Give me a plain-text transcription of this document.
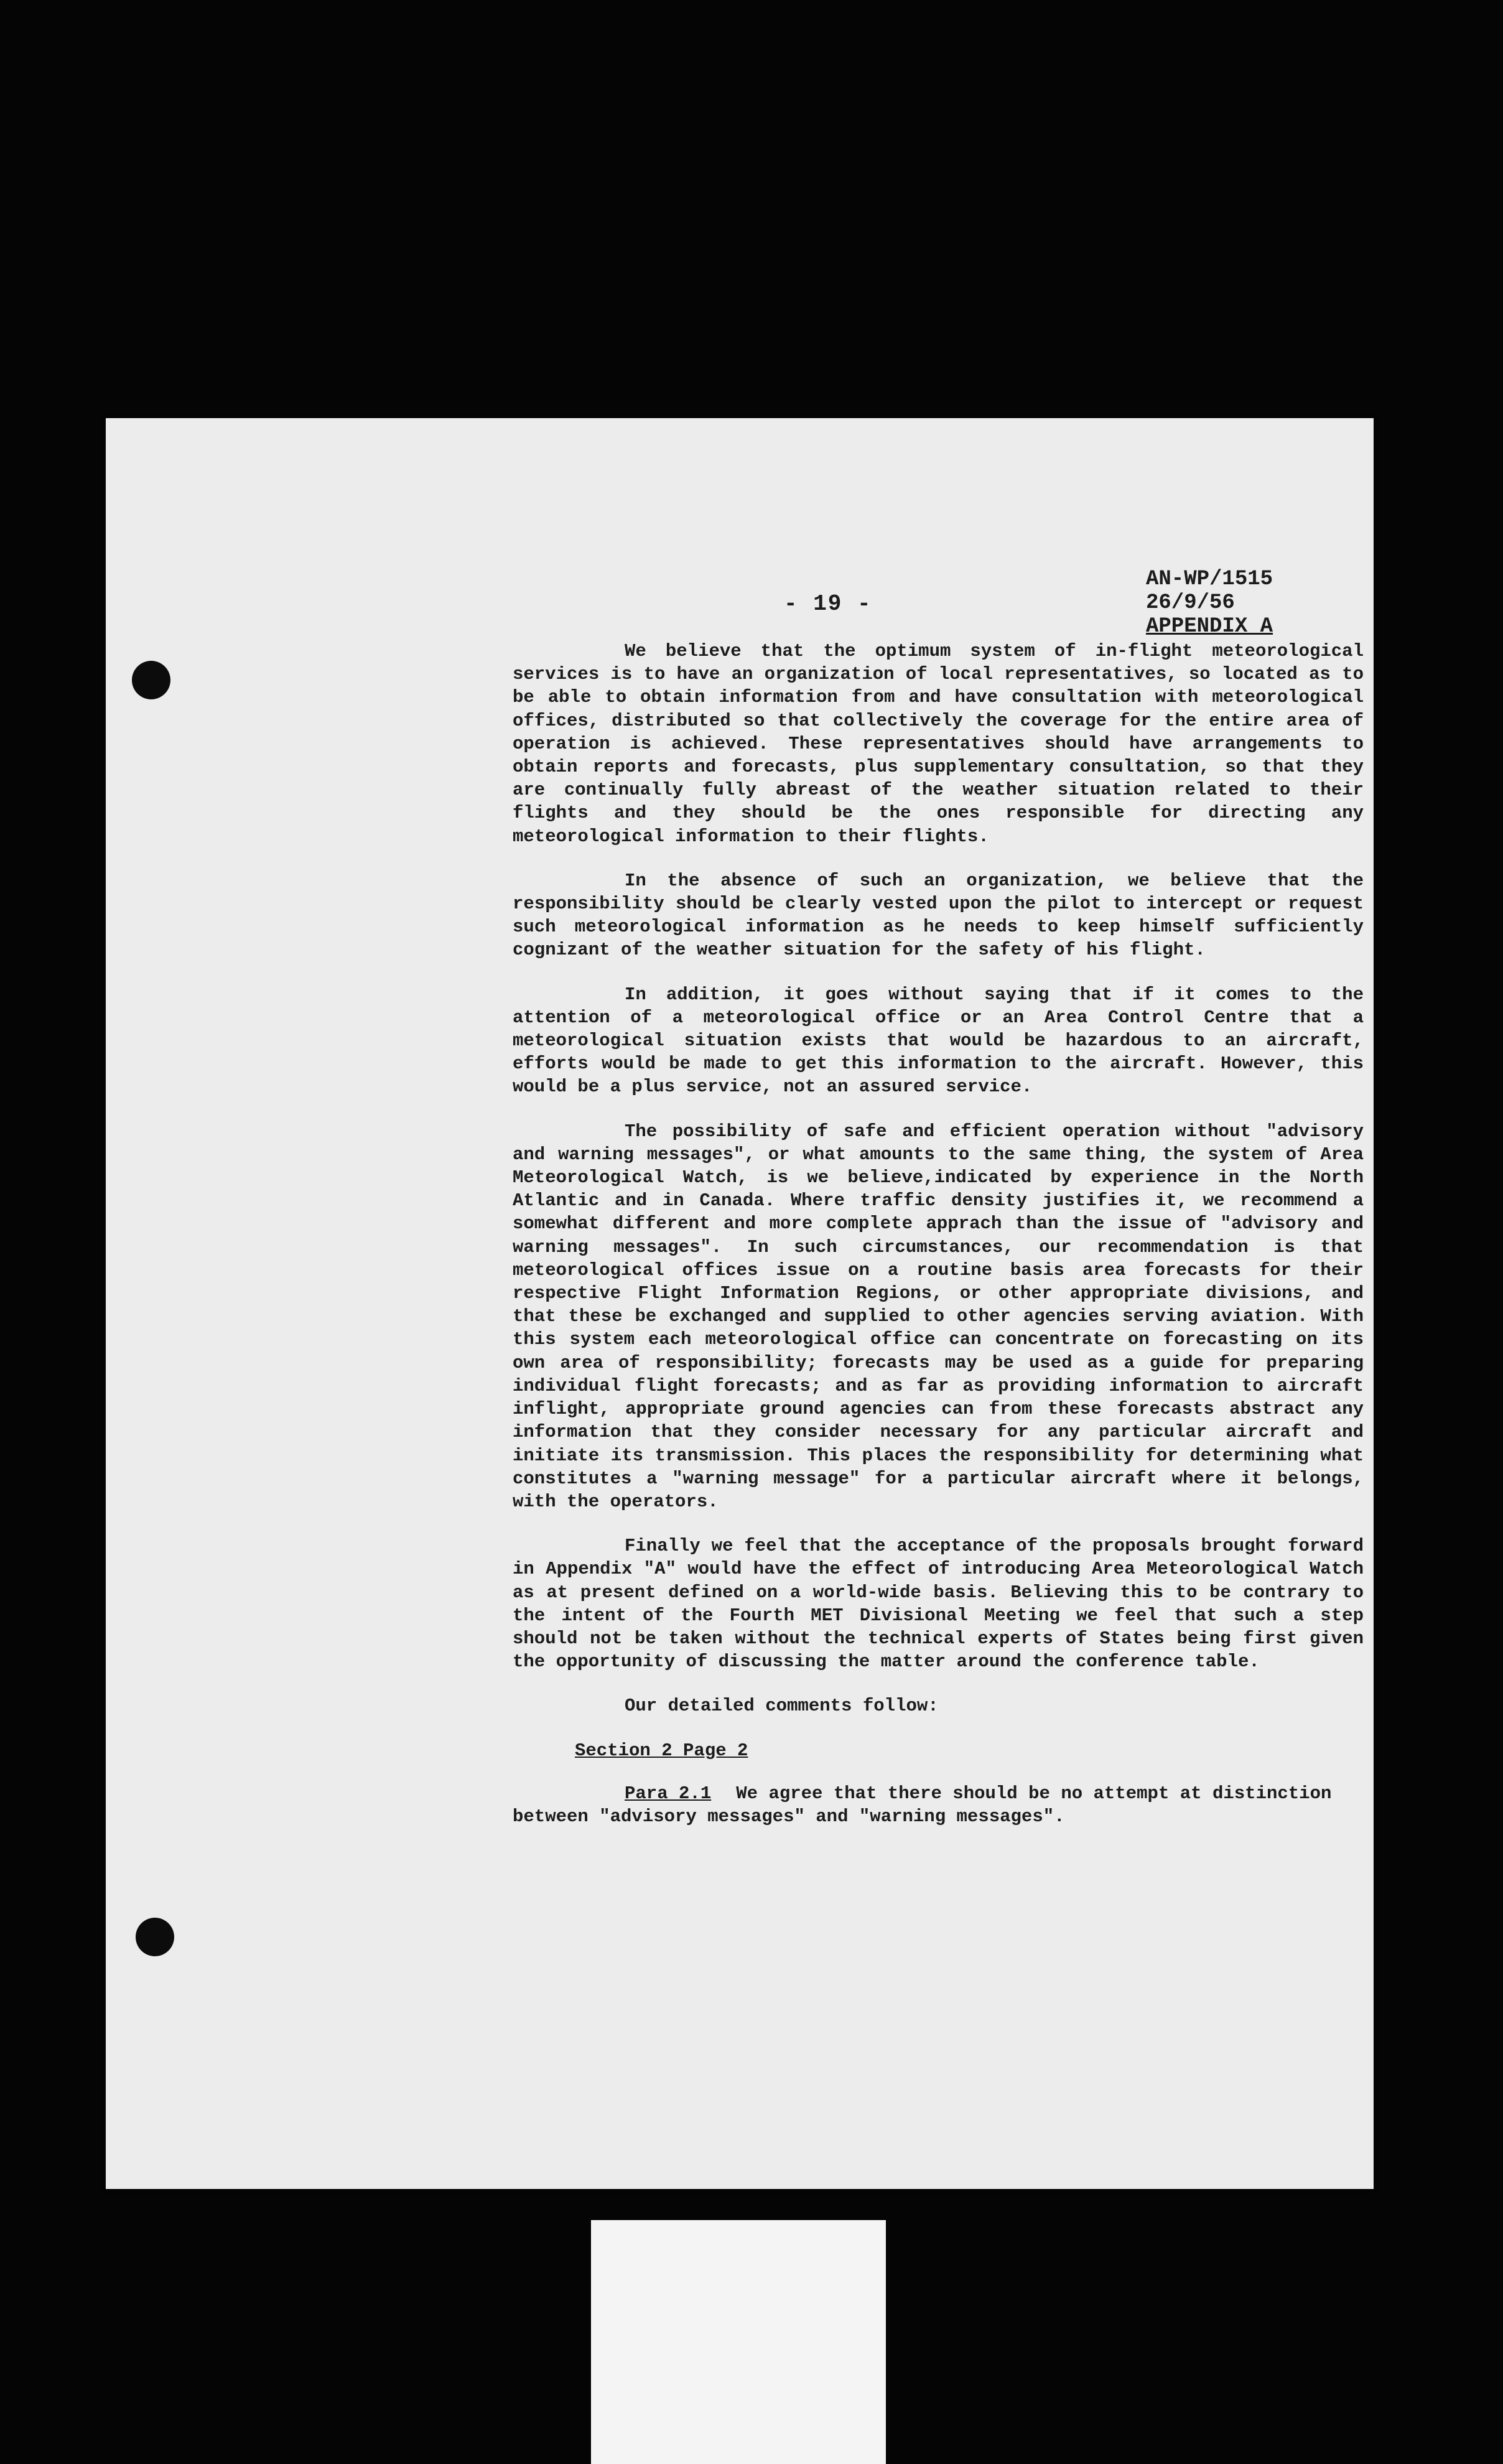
- 19 -
AN-WP/1515
26/9/56
APPENDIX A

We believe that the optimum system of in-flight meteorological services is to have an organization of local representatives, so located as to be able to obtain information from and have consultation with meteorological offices, distributed so that collectively the coverage for the entire area of operation is achieved. These representatives should have arrangements to obtain reports and forecasts, plus supplementary consultation, so that they are continually fully abreast of the weather situation related to their flights and they should be the ones responsible for directing any meteorological information to their flights.

In the absence of such an organization, we believe that the responsibility should be clearly vested upon the pilot to intercept or request such meteorological information as he needs to keep himself sufficiently cognizant of the weather situation for the safety of his flight.

In addition, it goes without saying that if it comes to the attention of a meteorological office or an Area Control Centre that a meteorological situation exists that would be hazardous to an aircraft, efforts would be made to get this information to the aircraft. However, this would be a plus service, not an assured service.

The possibility of safe and efficient operation without "advisory and warning messages", or what amounts to the same thing, the system of Area Meteorological Watch, is we believe,indicated by experience in the North Atlantic and in Canada. Where traffic density justifies it, we recommend a somewhat different and more complete apprach than the issue of "advisory and warning messages". In such circumstances, our recommendation is that meteorological offices issue on a routine basis area forecasts for their respective Flight Information Regions, or other appropriate divisions, and that these be exchanged and supplied to other agencies serving aviation. With this system each meteorological office can concentrate on forecasting on its own area of responsibility; forecasts may be used as a guide for preparing individual flight forecasts; and as far as providing information to aircraft inflight, appropriate ground agencies can from these forecasts abstract any information that they consider necessary for any particular aircraft and initiate its transmission. This places the responsibility for determining what constitutes a "warning message" for a particular aircraft where it belongs, with the operators.

Finally we feel that the acceptance of the proposals brought forward in Appendix "A" would have the effect of introducing Area Meteorological Watch as at present defined on a world-wide basis. Believing this to be contrary to the intent of the Fourth MET Divisional Meeting we feel that such a step should not be taken without the technical experts of States being first given the opportunity of discussing the matter around the conference table.

Our detailed comments follow:

Section 2 Page 2

Para 2.1 We agree that there should be no attempt at distinction between "advisory messages" and "warning messages".
